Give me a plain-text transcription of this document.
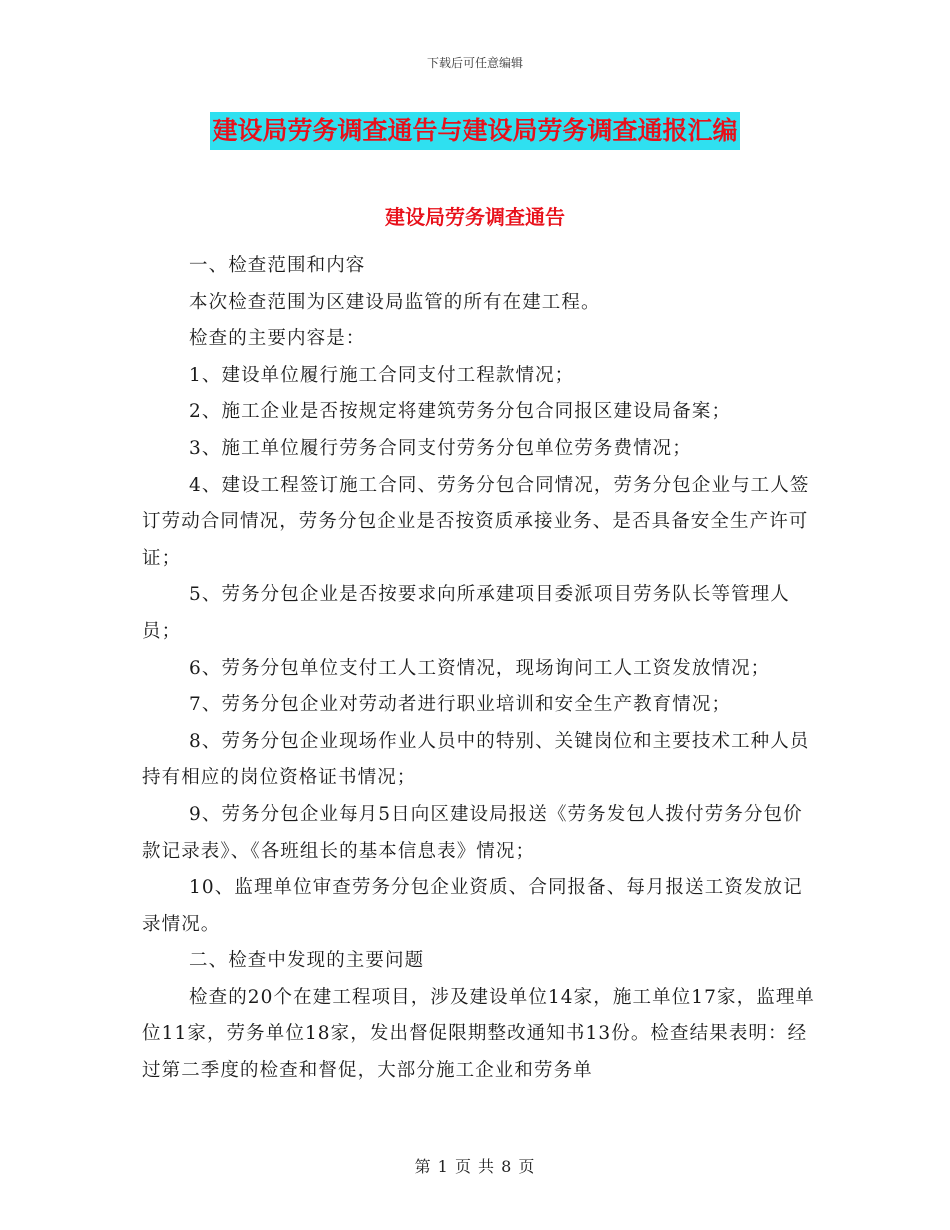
下载后可任意编辑
建设局劳务调查通告与建设局劳务调查通报汇编
建设局劳务调查通告

一、检查范围和内容

本次检查范围为区建设局监管的所有在建工程。

检查的主要内容是：

1、建设单位履行施工合同支付工程款情况；

2、施工企业是否按规定将建筑劳务分包合同报区建设局备案；

3、施工单位履行劳务合同支付劳务分包单位劳务费情况；

4、建设工程签订施工合同、劳务分包合同情况，劳务分包企业与工人签订劳动合同情况，劳务分包企业是否按资质承接业务、是否具备安全生产许可证；

5、劳务分包企业是否按要求向所承建项目委派项目劳务队长等管理人员；

6、劳务分包单位支付工人工资情况，现场询问工人工资发放情况；

7、劳务分包企业对劳动者进行职业培训和安全生产教育情况；

8、劳务分包企业现场作业人员中的特别、关键岗位和主要技术工种人员持有相应的岗位资格证书情况；

9、劳务分包企业每月5日向区建设局报送《劳务发包人拨付劳务分包价款记录表》、《各班组长的基本信息表》情况；

10、监理单位审查劳务分包企业资质、合同报备、每月报送工资发放记录情况。

二、检查中发现的主要问题

检查的20个在建工程项目，涉及建设单位14家，施工单位17家，监理单位11家，劳务单位18家，发出督促限期整改通知书13份。检查结果表明：经过第二季度的检查和督促，大部分施工企业和劳务单

第 1 页 共 8 页
